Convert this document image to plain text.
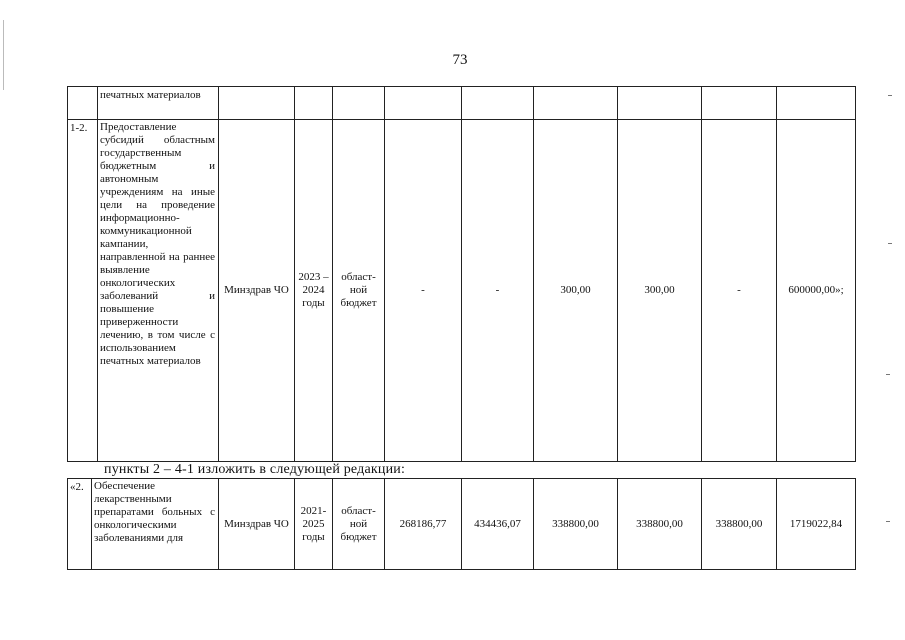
73
	печатных материалов									
1-2.	Предоставление субсидий областным государственным бюджетным и автономным учреждениям на иные цели на проведение информационно-коммуникационной кампании, направленной на раннее выявление онкологических заболеваний и повышение приверженности лечению, в том числе с использованием печатных материалов	Минздрав ЧО	2023 – 2024 годы	област-ной бюджет	-	-	300,00	300,00	-	600000,00»;
пункты 2 – 4-1 изложить в следующей редакции:
«2.	Обеспечение лекарственными препаратами больных с онкологическими заболеваниями для	Минздрав ЧО	2021-2025 годы	област-ной бюджет	268186,77	434436,07	338800,00	338800,00	338800,00	1719022,84
